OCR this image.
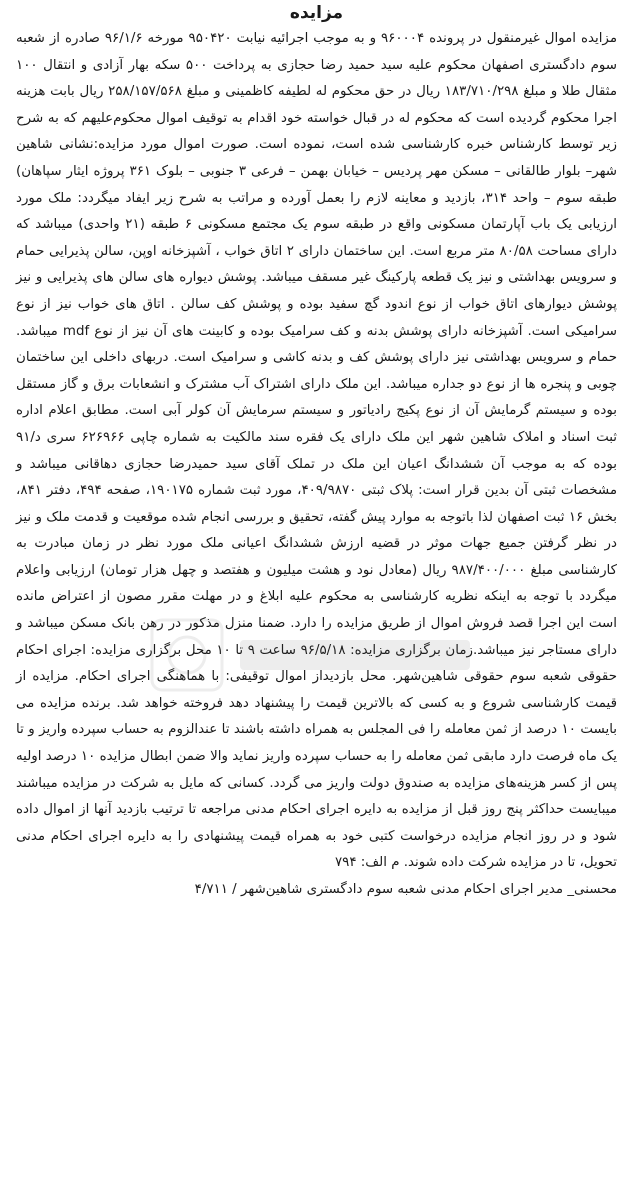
مزایده

مزایده اموال غیرمنقول در پرونده ۹۶۰۰۰۴ و به موجب اجرائیه نیابت ۹۵۰۴۲۰ مورخه ۹۶/۱/۶ صادره از شعبه سوم دادگستری اصفهان محکوم علیه سید حمید رضا حجازی به پرداخت ۵۰۰ سکه بهار آزادی و انتقال ۱۰۰ مثقال طلا و مبلغ ۱۸۳/۷۱۰/۲۹۸ ریال در حق محکوم له لطیفه کاظمینی و مبلغ ۲۵۸/۱۵۷/۵۶۸ ریال بابت هزینه اجرا محکوم گردیده است که محکوم له در قبال خواسته خود اقدام به توقیف اموال محکوم‌علیهم که به شرح زیر توسط کارشناس خبره کارشناسی شده است، نموده است. صورت اموال مورد مزایده:نشانی شاهین شهر– بلوار طالقانی – مسکن مهر پردیس – خیابان بهمن – فرعی ۳ جنوبی – بلوک ۳۶۱ پروژه ایثار سپاهان) طبقه سوم – واحد ۳۱۴، بازدید و معاینه لازم را بعمل آورده و مراتب به شرح زیر ایفاد میگردد: ملک مورد ارزیابی یک باب آپارتمان مسکونی واقع در طبقه سوم یک مجتمع مسکونی ۶ طبقه (۲۱ واحدی) میباشد که دارای مساحت ۸۰/۵۸ متر مربع است. این ساختمان دارای ۲ اتاق خواب ، آشپزخانه اوپن، سالن پذیرایی حمام و سرویس بهداشتی و نیز یک قطعه پارکینگ غیر مسقف میباشد. پوشش دیواره های سالن های پذیرایی و نیز پوشش دیوارهای اتاق خواب از نوع اندود گچ سفید بوده و پوشش کف سالن . اتاق های خواب نیز از نوع سرامیکی است. آشپزخانه دارای پوشش بدنه و کف سرامیک بوده و کابینت های آن نیز از نوع mdf میباشد. حمام و سرویس بهداشتی نیز دارای پوشش کف و بدنه کاشی و سرامیک است. دربهای داخلی این ساختمان چوبی و پنجره ها از نوع دو جداره میباشد. این ملک دارای اشتراک آب مشترک و انشعابات برق و گاز مستقل بوده و سیستم گرمایش آن از نوع پکیج رادیاتور و سیستم سرمایش آن کولر آبی است. مطابق اعلام اداره ثبت اسناد و املاک شاهین شهر این ملک دارای یک فقره سند مالکیت به شماره چاپی ۶۲۶۹۶۶ سری د/۹۱ بوده که به موجب آن ششدانگ اعیان این ملک در تملک آقای سید حمیدرضا حجازی دهاقانی میباشد و مشخصات ثبتی آن بدین قرار است: پلاک ثبتی ۴۰۹/۹۸۷۰، مورد ثبت شماره ۱۹۰۱۷۵، صفحه ۴۹۴، دفتر ۸۴۱، بخش ۱۶ ثبت اصفهان لذا باتوجه به موارد پیش گفته، تحقیق و بررسی انجام شده موقعیت و قدمت ملک و نیز در نظر گرفتن جمیع جهات موثر در قضیه ارزش ششدانگ اعیانی ملک مورد نظر در زمان مبادرت به کارشناسی مبلغ ۹۸۷/۴۰۰/۰۰۰ ریال (معادل نود و هشت میلیون و هفتصد و چهل هزار تومان) ارزیابی واعلام میگردد با توجه به اینکه نظریه کارشناسی به محکوم علیه ابلاغ و در مهلت مقرر مصون از اعتراض مانده است این اجرا قصد فروش اموال از طریق مزایده را دارد. ضمنا منزل مذکور در رهن بانک مسکن میباشد و دارای مستاجر نیز میباشد.زمان برگزاری مزایده: ۹۶/۵/۱۸ ساعت ۹ تا ۱۰ محل برگزاری مزایده: اجرای احکام حقوقی شعبه سوم حقوقی شاهین‌شهر. محل بازدیداز اموال توقیفی: با هماهنگی اجرای احکام. مزایده از قیمت کارشناسی شروع و به کسی که بالاترین قیمت را پیشنهاد دهد فروخته خواهد شد. برنده مزایده می بایست ۱۰ درصد از ثمن معامله را فی المجلس به همراه داشته باشند تا عندالزوم به حساب سپرده واریز و تا یک ماه فرصت دارد مابقی ثمن معامله را به حساب سپرده واریز نماید والا ضمن ابطال مزایده ۱۰ درصد اولیه پس از کسر هزینه‌های مزایده به صندوق دولت واریز می گردد. کسانی که مایل به شرکت در مزایده میباشند میبایست حداکثر پنج روز قبل از مزایده به دایره اجرای احکام مدنی مراجعه تا ترتیب بازدید آنها از اموال داده شود و در روز انجام مزایده درخواست کتبی خود به همراه قیمت پیشنهادی را به دایره اجرای احکام مدنی تحویل، تا در مزایده شرکت داده شوند. م الف: ۷۹۴

محسنی_ مدیر اجرای احکام مدنی شعبه سوم دادگستری شاهین‌شهر / ۴/۷۱۱
